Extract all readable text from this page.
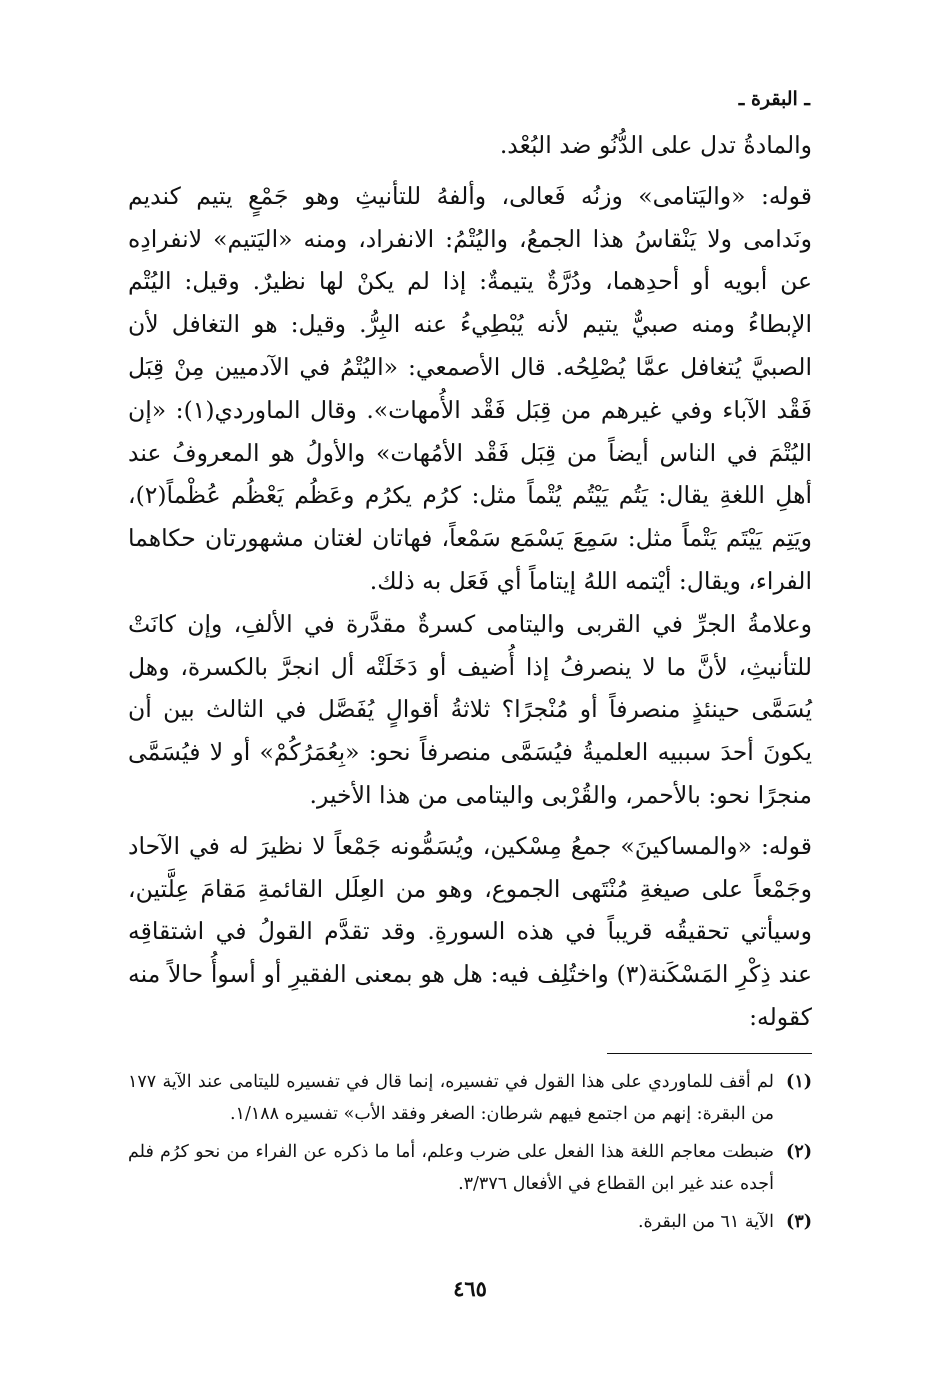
ـ البقرة ـ

والمادةُ تدل على الدُّنُو ضد البُعْد.

قوله: «واليَتامى» وزنُه فَعالى، وألفهُ للتأنيثِ وهو جَمْعٍ يتيم كنديم ونَدامى ولا يَنْقاسُ هذا الجمعُ، واليُتْمُ: الانفراد، ومنه «اليَتيم» لانفرادِه عن أبويه أو أحدِهما، ودُرَّةٌ يتيمةٌ: إذا لم يكنْ لها نظيرٌ. وقيل: اليُتْم الإبطاءُ ومنه صبيٌّ يتيم لأنه يُبْطِيءُ عنه البِرُّ. وقيل: هو التغافل لأن الصبيَّ يُتغافل عمَّا يُصْلِحُه. قال الأصمعي: «اليُتْمُ في الآدميين مِنْ قِبَل فَقْد الآباء وفي غيرهم من قِبَل فَقْد الأُمهات». وقال الماوردي(١): «إن اليُتْمَ في الناس أيضاً من قِبَل فَقْد الأمُهات» والأولُ هو المعروفُ عند أهلِ اللغةِ يقال: يَتُم يَيْتُم يُتْماً مثل: كرُم يكرُم وعَظُم يَعْظُم عُظْماً(٢)، ويَتِم يَيْتَم يَتْماً مثل: سَمِعَ يَسْمَع سَمْعاً، فهاتان لغتان مشهورتان حكاهما الفراء، ويقال: أيْتمه اللهُ إيتاماً أي فَعَل به ذلك.

وعلامةُ الجرِّ في القربى واليتامى كسرةٌ مقدَّرة في الألفِ، وإن كانَتْ للتأنيثِ، لأنَّ ما لا ينصرفُ إذا أُضيف أو دَخَلَتْه أل انجرَّ بالكسرة، وهل يُسَمَّى حينئذٍ منصرفاً أو مُنْجرًا؟ ثلاثةُ أقوالٍ يُفَصَّل في الثالث بين أن يكونَ أحدَ سببيه العلميةُ فيُسَمَّى منصرفاً نحو: «بِعُمَرُكُمْ» أو لا فيُسَمَّى منجرًا نحو: بالأحمر، والقُرْبى واليتامى من هذا الأخير.

قوله: «والمساكينَ» جمعُ مِسْكين، ويُسَمُّونه جَمْعاً لا نظيرَ له في الآحاد وجَمْعاً على صيغةِ مُنْتَهى الجموع، وهو من العِلَل القائمةِ مَقامَ عِلَّتين، وسيأتي تحقيقُه قريباً في هذه السورةِ. وقد تقدَّم القولُ في اشتقاقِه عند ذِكْرِ المَسْكَنة(٣) واختُلِف فيه: هل هو بمعنى الفقيرِ أو أسوأُ حالاً منه كقوله:

(١)
لم أقف للماوردي على هذا القول في تفسيره، إنما قال في تفسيره لليتامى عند الآية ١٧٧ من البقرة: إنهم من اجتمع فيهم شرطان: الصغر وفقد الأب» تفسيره ١/١٨٨.
(٢)
ضبطت معاجم اللغة هذا الفعل على ضرب وعلم، أما ما ذكره عن الفراء من نحو كرُم فلم أجده عند غير ابن القطاع في الأفعال ٣/٣٧٦.
(٣)
الآية ٦١ من البقرة.
٤٦٥
